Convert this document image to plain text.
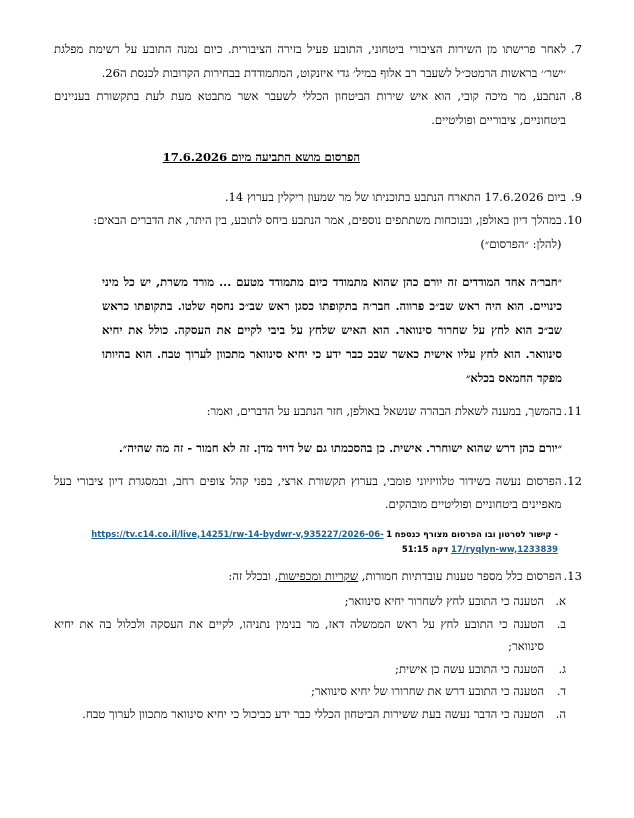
7.
לאחר פרישתו מן השירות הציבורי ביטחוני, התובע פעיל בזירה הציבורית. כיום נמנה התובע על רשימת מפלגת ׳ישר׳׳ בראשות הרמטכ״ל לשעבר רב אלוף במיל׳ גדי איזנקוט, המתמודדת בבחירות הקרובות לכנסת ה26.
8.
הנתבע, מר מיכה קובי, הוא איש שירות הביטחון הכללי לשעבר אשר מתבטא מעת לעת בתקשורת בעניינים ביטחוניים, ציבוריים ופוליטיים.
הפרסום מושא התביעה מיום 17.6.2026
9.
ביום 17.6.2026 התארח הנתבע בתוכניתו של מר שמעון ריקלין בערוץ 14.
10.
במהלך דיון באולפן, ובנוכחות משתתפים נוספים, אמר הנתבע ביחס לתובע, בין היתר, את הדברים הבאים:
(להלן: ״הפרסום״)
״חבר׳ה אחד המודדים זה יורם כהן שהוא מתמודד כיום מתמודד מטעם ... מורד משרת, יש כל מיני כינויים. הוא היה ראש שב״כ פרווה. חבר׳ה בתקופתו כסגן ראש שב״כ נחסף שלטו. בתקופתו כראש שב״כ הוא לחץ על שחרור סינוואר. הוא האיש שלחץ על ביבי לקיים את העסקה. כולל את יחיא סינוואר. הוא לחץ עליו אישית כאשר שבכ כבר ידע כי יחיא סינוואר מתכוון לערוך טבח. הוא בהיותו מפקד החמאס בכלא״
11.
בהמשך, במענה לשאלת הבהרה שנשאל באולפן, חזר הנתבע על הדברים, ואמר:
״יורם כהן דרש שהוא ישוחרר. אישית. כן בהסכמתו גם של דויד מדן. זה לא חמור - זה מה שהיה״.
12.
הפרסום נעשה בשידור טלוויזיוני פומבי, בערוץ תקשורת ארצי, בפני קהל צופים רחב, ובמסגרת דיון ציבורי בעל מאפיינים ביטחוניים ופוליטיים מובהקים.
- קישור לסרטון ובו הפרסום מצורף כנספח 1 https://tv.c14.co.il/live,14251/rw-14-bydwr-v,935227/2026-06-17/ryqlyn-ww,1233839 דקה 51:15
13.
הפרסום כלל מספר טענות עובדתיות חמורות, שקריות ומכפישות, ובכלל זה:
א.
הטענה כי התובע לחץ לשחרור יחיא סינוואר;
ב.
הטענה כי התובע לחץ על ראש הממשלה דאז, מר בנימין נתניהו, לקיים את העסקה ולכלול בה את יחיא סינוואר;
ג.
הטענה כי התובע עשה כן אישית;
ד.
הטענה כי התובע דרש את שחרורו של יחיא סינוואר;
ה.
הטענה כי הדבר נעשה בעת ששירות הביטחון הכללי כבר ידע כביכול כי יחיא סינוואר מתכוון לערוך טבח.
